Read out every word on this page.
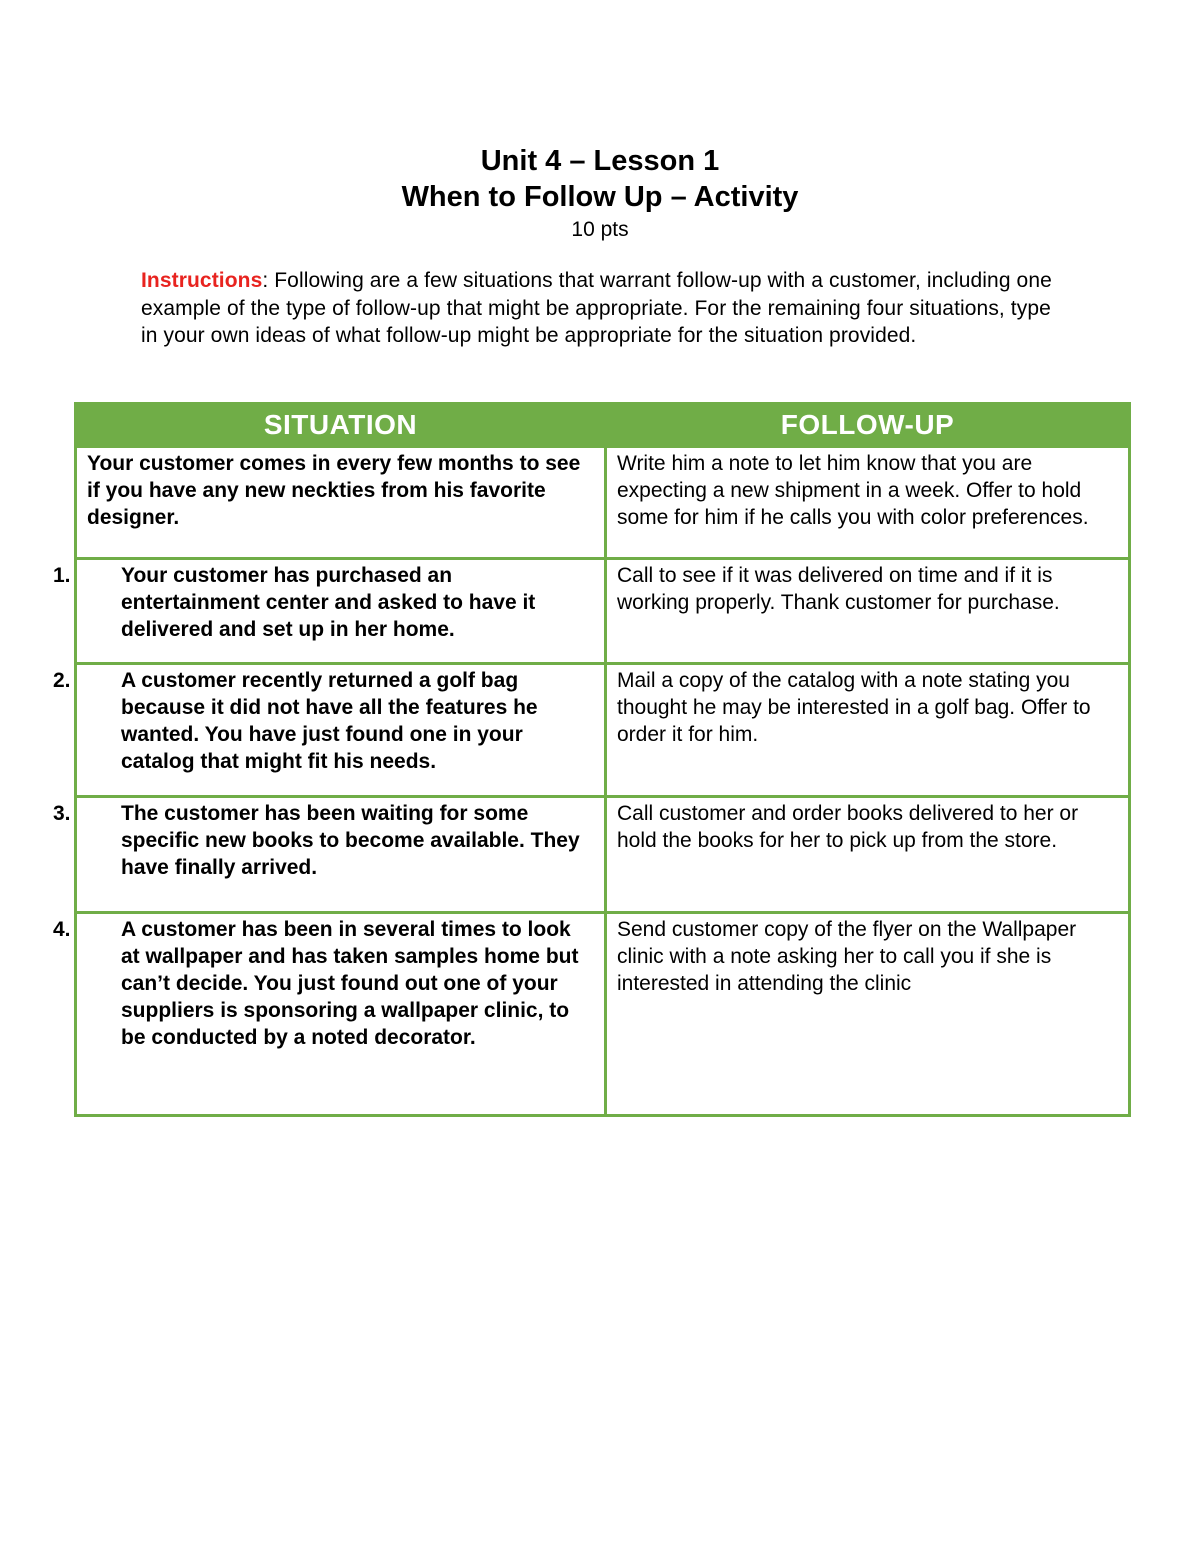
Unit 4 – Lesson 1
When to Follow Up – Activity
10 pts
Instructions: Following are a few situations that warrant follow-up with a customer, including one example of the type of follow-up that might be appropriate. For the remaining four situations, type in your own ideas of what follow-up might be appropriate for the situation provided.
SITUATION	FOLLOW-UP
Your customer comes in every few months to see if you have any new neckties from his favorite designer.	Write him a note to let him know that you are expecting a new shipment in a week. Offer to hold some for him if he calls you with color preferences.

1. Your customer has purchased an entertainment center and asked to have it delivered and set up in her home.	Call to see if it was delivered on time and if it is working properly. Thank customer for purchase.

2. A customer recently returned a golf bag because it did not have all the features he wanted. You have just found one in your catalog that might fit his needs.	Mail a copy of the catalog with a note stating you thought he may be interested in a golf bag. Offer to order it for him.

3. The customer has been waiting for some specific new books to become available. They have finally arrived.	Call customer and order books delivered to her or hold the books for her to pick up from the store.

4. A customer has been in several times to look at wallpaper and has taken samples home but can’t decide. You just found out one of your suppliers is sponsoring a wallpaper clinic, to be conducted by a noted decorator.	Send customer copy of the flyer on the Wallpaper clinic with a note asking her to call you if she is interested in attending the clinic
